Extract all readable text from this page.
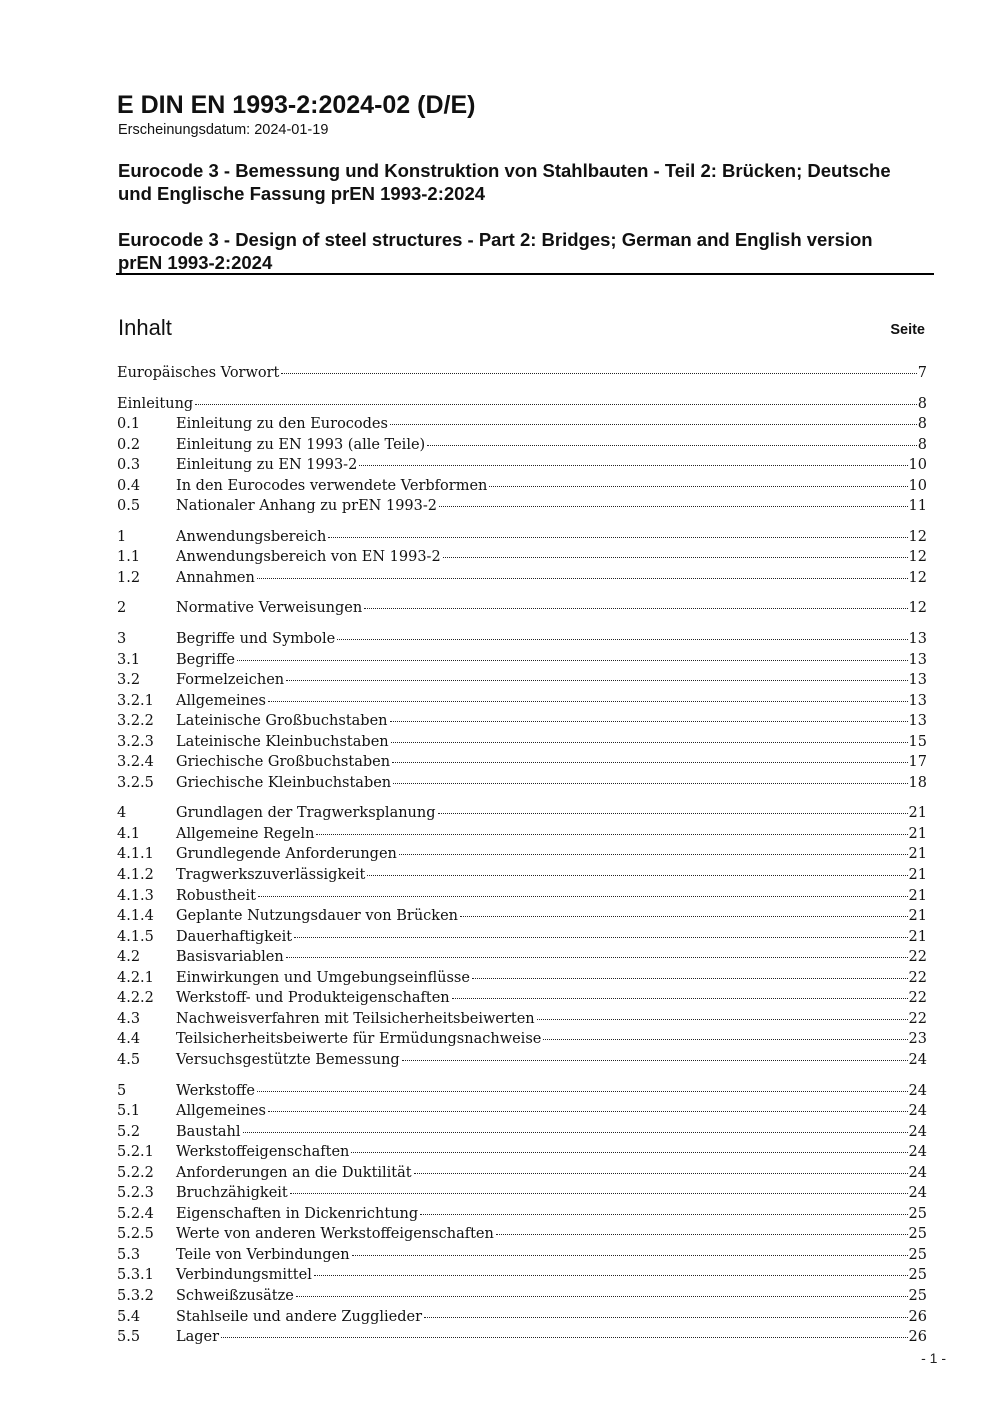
E DIN EN 1993-2:2024-02 (D/E)
Erscheinungsdatum: 2024-01-19
Eurocode 3 - Bemessung und Konstruktion von Stahlbauten - Teil 2: Brücken; Deutsche und Englische Fassung prEN 1993-2:2024
Eurocode 3 - Design of steel structures - Part 2: Bridges; German and English version prEN 1993-2:2024
Inhalt	Seite
Europäisches Vorwort	7
Einleitung	8
0.1	Einleitung zu den Eurocodes	8
0.2	Einleitung zu EN 1993 (alle Teile)	8
0.3	Einleitung zu EN 1993-2	10
0.4	In den Eurocodes verwendete Verbformen	10
0.5	Nationaler Anhang zu prEN 1993-2	11
1	Anwendungsbereich	12
1.1	Anwendungsbereich von EN 1993-2	12
1.2	Annahmen	12
2	Normative Verweisungen	12
3	Begriffe und Symbole	13
3.1	Begriffe	13
3.2	Formelzeichen	13
3.2.1	Allgemeines	13
3.2.2	Lateinische Großbuchstaben	13
3.2.3	Lateinische Kleinbuchstaben	15
3.2.4	Griechische Großbuchstaben	17
3.2.5	Griechische Kleinbuchstaben	18
4	Grundlagen der Tragwerksplanung	21
4.1	Allgemeine Regeln	21
4.1.1	Grundlegende Anforderungen	21
4.1.2	Tragwerkszuverlässigkeit	21
4.1.3	Robustheit	21
4.1.4	Geplante Nutzungsdauer von Brücken	21
4.1.5	Dauerhaftigkeit	21
4.2	Basisvariablen	22
4.2.1	Einwirkungen und Umgebungseinflüsse	22
4.2.2	Werkstoff- und Produkteigenschaften	22
4.3	Nachweisverfahren mit Teilsicherheitsbeiwerten	22
4.4	Teilsicherheitsbeiwerte für Ermüdungsnachweise	23
4.5	Versuchsgestützte Bemessung	24
5	Werkstoffe	24
5.1	Allgemeines	24
5.2	Baustahl	24
5.2.1	Werkstoffeigenschaften	24
5.2.2	Anforderungen an die Duktilität	24
5.2.3	Bruchzähigkeit	24
5.2.4	Eigenschaften in Dickenrichtung	25
5.2.5	Werte von anderen Werkstoffeigenschaften	25
5.3	Teile von Verbindungen	25
5.3.1	Verbindungsmittel	25
5.3.2	Schweißzusätze	25
5.4	Stahlseile und andere Zugglieder	26
5.5	Lager	26
- 1 -
